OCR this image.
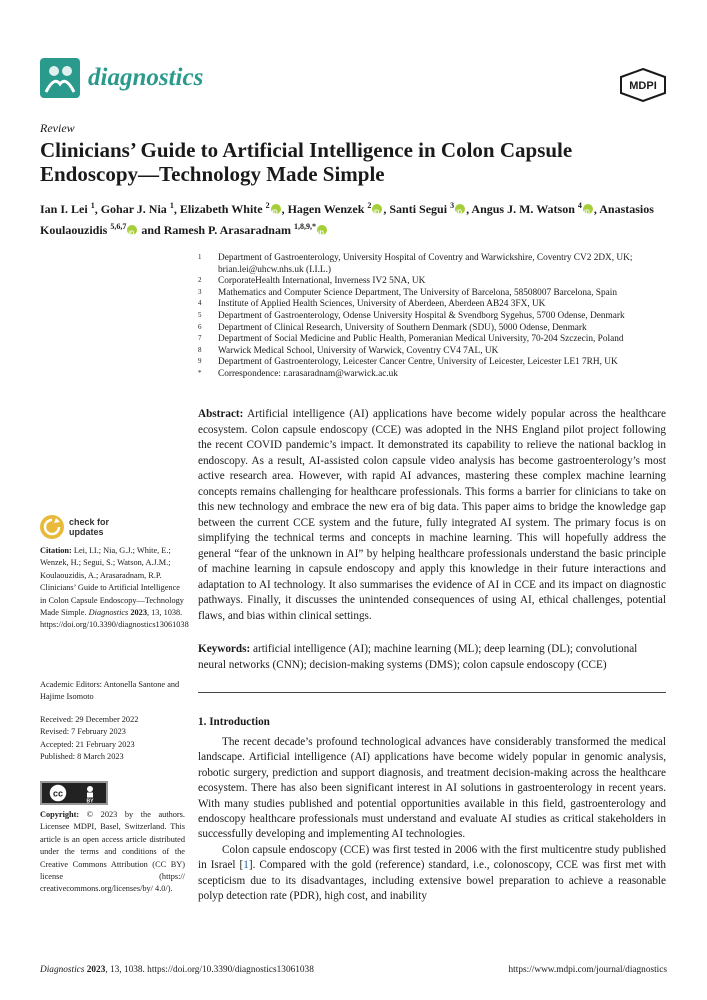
diagnostics	MDPI
Review
Clinicians’ Guide to Artificial Intelligence in Colon Capsule Endoscopy—Technology Made Simple
Ian I. Lei $^1$, Gohar J. Nia $^1$, Elizabeth White $^2$ iD , Hagen Wenzek $^2$ iD , Santi Segui $^3$ iD , Angus J. M. Watson $^4$ iD , Anastasios Koulaouzidis $^{5,6,7}$iD and Ramesh P. Arasaradnam $^{1,8,9,*}$iD
1 Department of Gastroenterology, University Hospital of Coventry and Warwickshire, Coventry CV2 2DX, UK; brian.lei@uhcw.nhs.uk (I.I.L.)
2 CorporateHealth International, Inverness IV2 5NA, UK
3 Mathematics and Computer Science Department, The University of Barcelona, 58508007 Barcelona, Spain
4 Institute of Applied Health Sciences, University of Aberdeen, Aberdeen AB24 3FX, UK
5 Department of Gastroenterology, Odense University Hospital & Svendborg Sygehus, 5700 Odense, Denmark
6 Department of Clinical Research, University of Southern Denmark (SDU), 5000 Odense, Denmark
7 Department of Social Medicine and Public Health, Pomeranian Medical University, 70-204 Szczecin, Poland
8 Warwick Medical School, University of Warwick, Coventry CV4 7AL, UK
9 Department of Gastroenterology, Leicester Cancer Centre, University of Leicester, Leicester LE1 7RH, UK
* Correspondence: r.arasaradnam@warwick.ac.uk
Abstract: Artificial intelligence (AI) applications have become widely popular across the healthcare ecosystem. Colon capsule endoscopy (CCE) was adopted in the NHS England pilot project following the recent COVID pandemic’s impact. It demonstrated its capability to relieve the national backlog in endoscopy. As a result, AI-assisted colon capsule video analysis has become gastroenterology’s most active research area. However, with rapid AI advances, mastering these complex machine learning concepts remains challenging for healthcare professionals. This forms a barrier for clinicians to take on this new technology and embrace the new era of big data. This paper aims to bridge the knowledge gap between the current CCE system and the future, fully integrated AI system. The primary focus is on simplifying the technical terms and concepts in machine learning. This will hopefully address the general “fear of the unknown in AI” by helping healthcare professionals understand the basic principle of machine learning in capsule endoscopy and apply this knowledge in their future interactions and adaptation to AI technology. It also summarises the evidence of AI in CCE and its impact on diagnostic pathways. Finally, it discusses the unintended consequences of using AI, ethical challenges, potential flaws, and bias within clinical settings.
Keywords: artificial intelligence (AI); machine learning (ML); deep learning (DL); convolutional neural networks (CNN); decision-making systems (DMS); colon capsule endoscopy (CCE)
1. Introduction

The recent decade’s profound technological advances have considerably transformed the medical landscape. Artificial intelligence (AI) applications have become widely popular in genomic analysis, robotic surgery, prediction and support diagnosis, and treatment decision-making across the healthcare ecosystem. There has also been significant interest in AI solutions in gastroenterology in recent years. With many studies published and potential opportunities available in this field, gastroenterology and endoscopy healthcare professionals must understand and evaluate AI studies as critical stakeholders in successfully developing and implementing AI technologies.

Colon capsule endoscopy (CCE) was first tested in 2006 with the first multicentre study published in Israel [1]. Compared with the gold (reference) standard, i.e., colonoscopy, CCE was first met with scepticism due to its disadvantages, including extensive bowel preparation to achieve a reasonable polyp detection rate (PDR), high cost, and inability

check for
updates
Citation: Lei, I.I.; Nia, G.J.; White, E.; Wenzek, H.; Segui, S.; Watson, A.J.M.; Koulaouzidis, A.; Arasaradnam, R.P. Clinicians’ Guide to Artificial Intelligence in Colon Capsule Endoscopy—Technology Made Simple. Diagnostics 2023, 13, 1038. https://doi.org/10.3390/diagnostics13061038
Academic Editors: Antonella Santone and Hajime Isomoto
Received: 29 December 2022
Revised: 7 February 2023
Accepted: 21 February 2023
Published: 8 March 2023
cc
BY
Copyright: © 2023 by the authors. Licensee MDPI, Basel, Switzerland. This article is an open access article distributed under the terms and conditions of the Creative Commons Attribution (CC BY) license (https:// creativecommons.org/licenses/by/ 4.0/).
Diagnostics 2023, 13, 1038. https://doi.org/10.3390/diagnostics13061038	https://www.mdpi.com/journal/diagnostics
